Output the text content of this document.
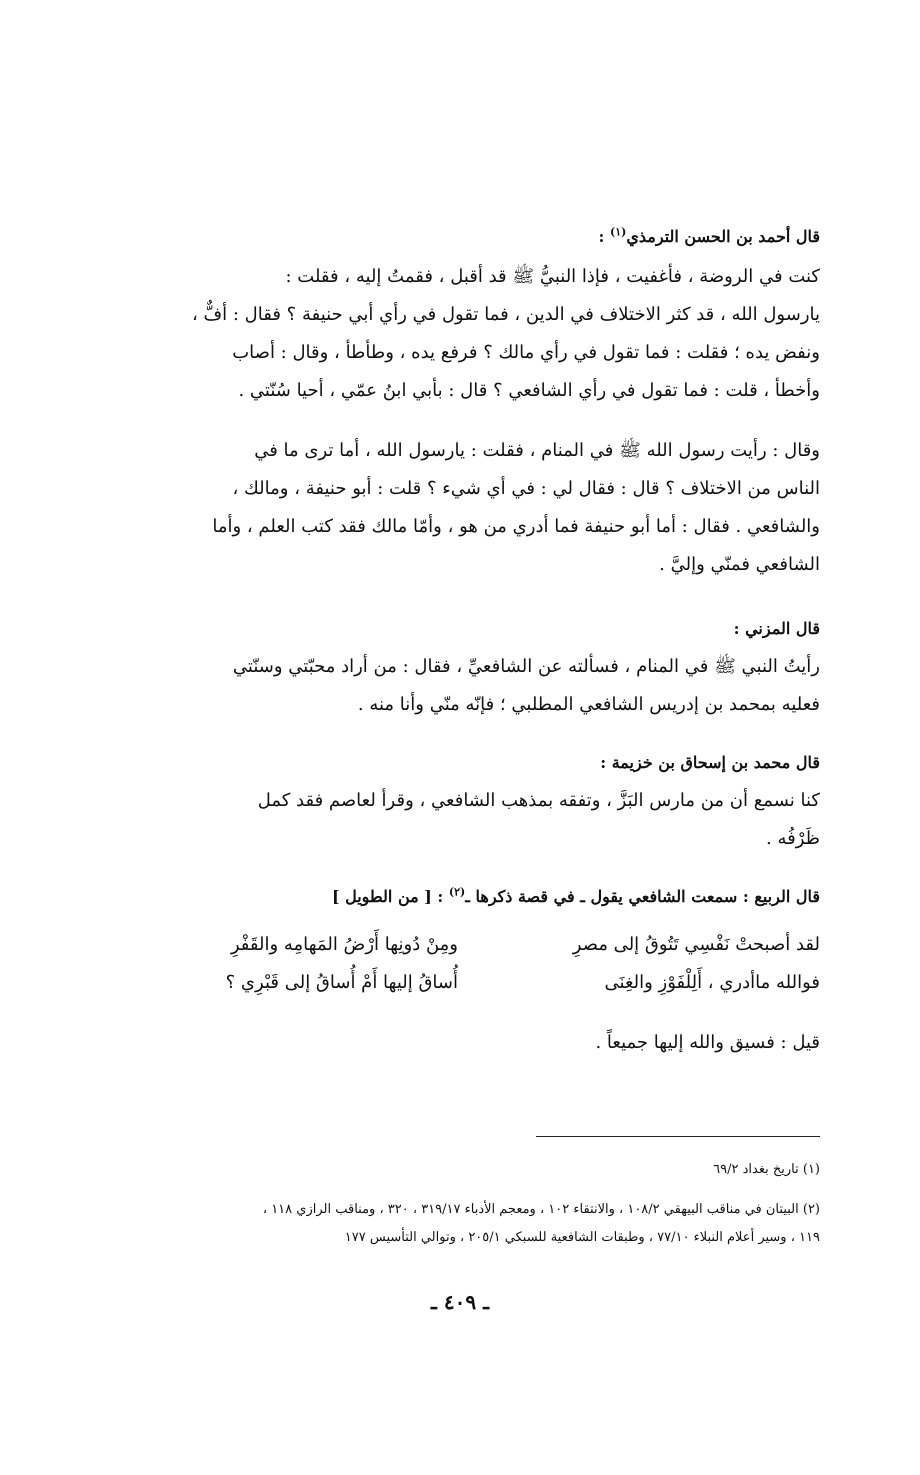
قال أحمد بن الحسن الترمذي$^{(١)}$ :
كنت في الروضة ، فأغفيت ، فإذا النبيُّ ﷺ قد أقبل ، فقمتُ إليه ، فقلت :
يارسول الله ، قد كثر الاختلاف في الدين ، فما تقول في رأي أبي حنيفة ؟ فقال : أفٌّ ،
ونفض يده ؛ فقلت : فما تقول في رأي مالك ؟ فرفع يده ، وطأطأ ، وقال : أصاب
وأخطأ ، قلت : فما تقول في رأي الشافعي ؟ قال : بأبي ابنُ عمّي ، أحيا سُنّتي .
وقال : رأيت رسول الله ﷺ في المنام ، فقلت : يارسول الله ، أما ترى ما في
الناس من الاختلاف ؟ قال : فقال لي : في أي شيء ؟ قلت : أبو حنيفة ، ومالك ،
والشافعي . فقال : أما أبو حنيفة فما أدري من هو ، وأمّا مالك فقد كتب العلم ، وأما
الشافعي فمنّي وإليَّ .
قال المزني :
رأيتُ النبي ﷺ في المنام ، فسألته عن الشافعيِّ ، فقال : من أراد محبّتي وسنّتي
فعليه بمحمد بن إدريس الشافعي المطلبي ؛ فإنّه منّي وأنا منه .
قال محمد بن إسحاق بن خزيمة :
كنا نسمع أن من مارس البَزَّ ، وتفقه بمذهب الشافعي ، وقرأ لعاصم فقد كمل
ظَرْفُه .
قال الربيع : سمعت الشافعي يقول ـ في قصة ذكرها ـ$^{(٢)}$ : [ من الطويل ]
لقد أصبحتْ نَفْسِي تَتُوقُ إلى مصرِ
ومِنْ دُونِها أَرْضُ المَهامِه والقَفْرِ
فوالله ماأدري ، أَلِلْفَوْزِ والغِنَى
أُساقُ إليها أَمْ أُساقُ إلى قَبْرِي ؟
قيل : فسيق والله إليها جميعاً .
(١) تاريخ بغداد ٦٩/٢
(٢) البيتان في مناقب البيهقي ١٠٨/٢ ، والانتقاء ١٠٢ ، ومعجم الأدباء ٣١٩/١٧ ، ٣٢٠ ، ومناقب الرازي ١١٨ ،
١١٩ ، وسير أعلام النبلاء ٧٧/١٠ ، وطبقات الشافعية للسبكي ٢٠٥/١ ، وتوالي التأسيس ١٧٧
ـ ٤٠٩ ـ
